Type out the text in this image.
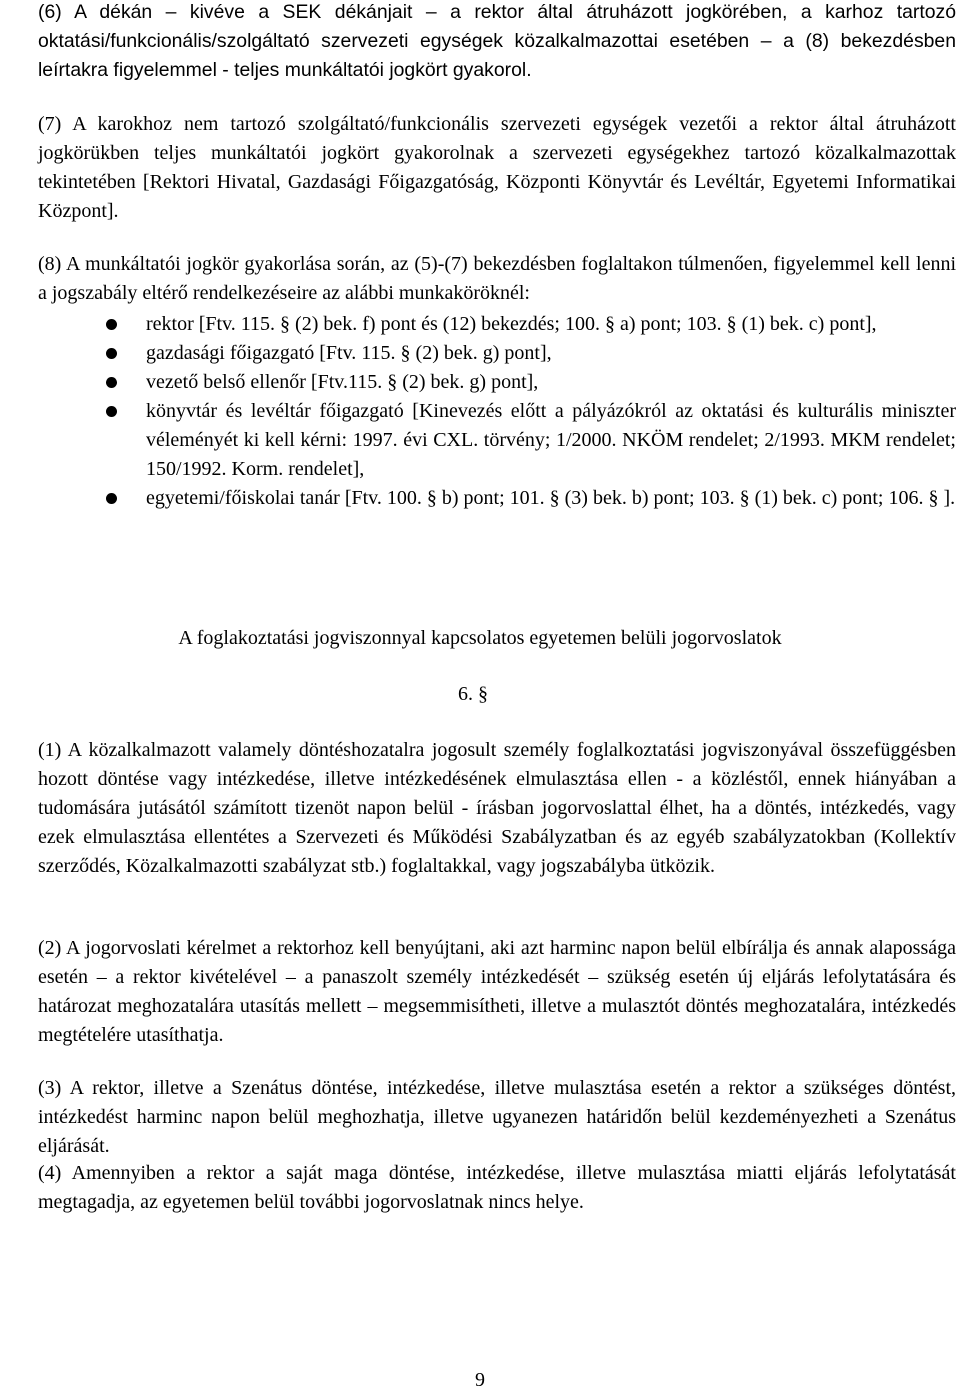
(6) A dékán – kivéve a SEK dékánjait – a rektor által átruházott jogkörében, a karhoz tartozó oktatási/funkcionális/szolgáltató szervezeti egységek közalkalmazottai esetében – a (8) bekezdésben leírtakra figyelemmel - teljes munkáltatói jogkört gyakorol.

(7) A karokhoz nem tartozó szolgáltató/funkcionális szervezeti egységek vezetői a rektor által átruházott jogkörükben teljes munkáltatói jogkört gyakorolnak a szervezeti egységekhez tartozó közalkalmazottak tekintetében [Rektori Hivatal, Gazdasági Főigazgatóság, Központi Könyvtár és Levéltár, Egyetemi Informatikai Központ].

(8) A munkáltatói jogkör gyakorlása során, az (5)-(7) bekezdésben foglaltakon túlmenően, figyelemmel kell lenni a jogszabály eltérő rendelkezéseire az alábbi munkaköröknél:

rektor [Ftv. 115. § (2) bek. f) pont és (12) bekezdés; 100. § a) pont; 103. § (1) bek. c) pont],
gazdasági főigazgató [Ftv. 115. § (2) bek. g) pont],
vezető belső ellenőr [Ftv.115. § (2) bek. g) pont],
könyvtár és levéltár főigazgató [Kinevezés előtt a pályázókról az oktatási és kulturális miniszter véleményét ki kell kérni: 1997. évi CXL. törvény; 1/2000. NKÖM rendelet; 2/1993. MKM rendelet; 150/1992. Korm. rendelet],
egyetemi/főiskolai tanár [Ftv. 100. § b) pont; 101. § (3) bek. b) pont; 103. § (1) bek. c) pont; 106. § ].

A foglakoztatási jogviszonnyal kapcsolatos egyetemen belüli jogorvoslatok

6. §

(1) A közalkalmazott valamely döntéshozatalra jogosult személy foglalkoztatási jogviszonyával összefüggésben hozott döntése vagy intézkedése, illetve intézkedésének elmulasztása ellen - a közléstől, ennek hiányában a tudomására jutásától számított tizenöt napon belül - írásban jogorvoslattal élhet, ha a döntés, intézkedés, vagy ezek elmulasztása ellentétes a Szervezeti és Működési Szabályzatban és az egyéb szabályzatokban (Kollektív szerződés, Közalkalmazotti szabályzat stb.) foglaltakkal, vagy jogszabályba ütközik.

(2) A jogorvoslati kérelmet a rektorhoz kell benyújtani, aki azt harminc napon belül elbírálja és annak alapossága esetén – a rektor kivételével – a panaszolt személy intézkedését – szükség esetén új eljárás lefolytatására és határozat meghozatalára utasítás mellett – megsemmisítheti, illetve a mulasztót döntés meghozatalára, intézkedés megtételére utasíthatja.

(3) A rektor, illetve a Szenátus döntése, intézkedése, illetve mulasztása esetén a rektor a szükséges döntést, intézkedést harminc napon belül meghozhatja, illetve ugyanezen határidőn belül kezdeményezheti a Szenátus eljárását.

(4) Amennyiben a rektor a saját maga döntése, intézkedése, illetve mulasztása miatti eljárás lefolytatását megtagadja, az egyetemen belül további jogorvoslatnak nincs helye.

9
